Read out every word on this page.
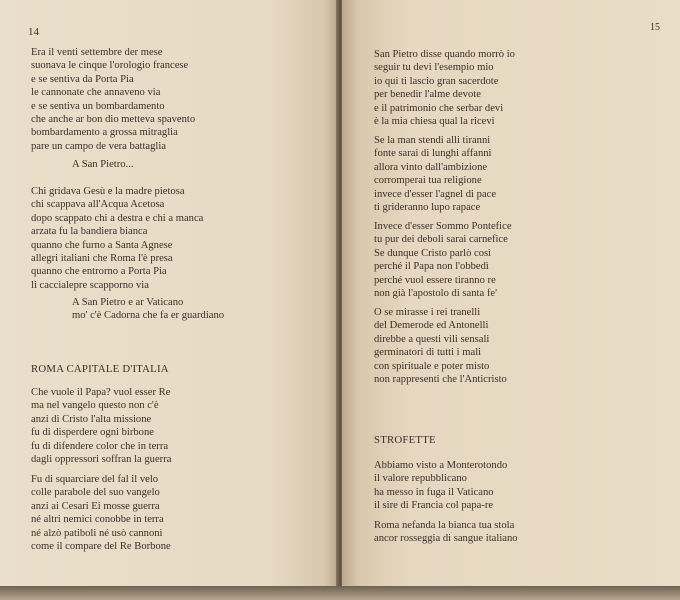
14
Era il venti settembre der mese
suonava le cinque l'orologio francese
e se sentiva da Porta Pia
le cannonate che annaveno via
e se sentiva un bombardamento
che anche ar bon dio metteva spavento
bombardamento a grossa mitraglia
pare un campo de vera battaglia
A San Pietro...
Chi gridava Gesù e la madre pietosa
chi scappava all'Acqua Acetosa
dopo scappato chi a destra e chi a manca
arzata fu la bandiera bianca
quanno che furno a Santa Agnese
allegri italiani che Roma l'è presa
quanno che entrorno a Porta Pia
li caccialepre scapporno via
A San Pietro e ar Vaticano
mo' c'è Cadorna che fa er guardiano
ROMA CAPITALE D'ITALIA
Che vuole il Papa? vuol esser Re
ma nel vangelo questo non c'è
anzi di Cristo l'alta missione
fu di disperdere ogni birbone
fu di difendere color che in terra
dagli oppressori soffran la guerra
Fu di squarciare del fal il velo
colle parabole del suo vangelo
anzi ai Cesari Ei mosse guerra
né altri nemici conobbe in terra
né alzò patiboli né usò cannoni
come il compare del Re Borbone
15
San Pietro disse quando morrò io
seguir tu devi l'esempio mio
io qui ti lascio gran sacerdote
per benedir l'alme devote
e il patrimonio che serbar devi
è la mia chiesa qual la ricevi
Se la man stendi alli tiranni
fonte sarai di lunghi affanni
allora vinto dall'ambizione
corromperai tua religione
invece d'esser l'agnel di pace
ti grideranno lupo rapace
Invece d'esser Sommo Pontefice
tu pur dei deboli sarai carnefice
Se dunque Cristo parlò così
perché il Papa non l'obbedì
perché vuol essere tiranno re
non già l'apostolo di santa fe'
O se mirasse i rei tranelli
del Demerode ed Antonelli
direbbe a questi vili sensali
germinatori di tutti i mali
con spirituale e poter misto
non rappresenti che l'Anticristo
STROFETTE
Abbiamo visto a Monterotondo
il valore repubblicano
ha messo in fuga il Vaticano
il sire di Francia col papa-re
Roma nefanda la bianca tua stola
ancor rosseggia di sangue italiano
